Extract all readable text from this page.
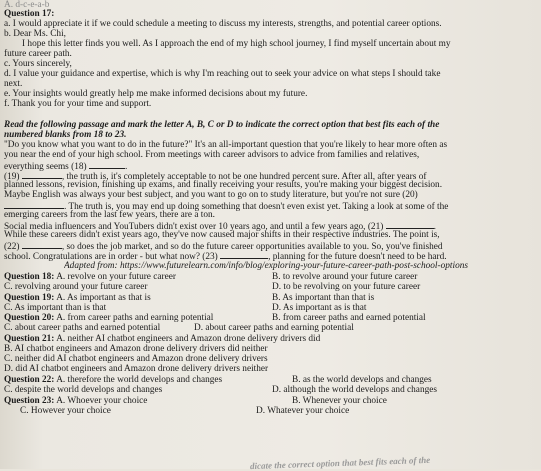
A. d-c-e-a-b
Question 17:
a. I would appreciate it if we could schedule a meeting to discuss my interests, strengths, and potential career options.
b. Dear Ms. Chi,
I hope this letter finds you well. As I approach the end of my high school journey, I find myself uncertain about my
future career path.
c. Yours sincerely,
d. I value your guidance and expertise, which is why I'm reaching out to seek your advice on what steps I should take
next.
e. Your insights would greatly help me make informed decisions about my future.
f. Thank you for your time and support.
Read the following passage and mark the letter A, B, C or D to indicate the correct option that best fits each of the
numbered blanks from 18 to 23.
"Do you know what you want to do in the future?" It's an all-important question that you're likely to hear more often as
you near the end of your high school. From meetings with career advisors to advice from families and relatives,
everything seems (18)	.
(19)	, the truth is, it's completely acceptable to not be one hundred percent sure. After all, after years of
planned lessons, revision, finishing up exams, and finally receiving your results, you're making your biggest decision.
Maybe English was always your best subject, and you want to go on to study literature, but you're not sure (20)
. The truth is, you may end up doing something that doesn't even exist yet. Taking a look at some of the
emerging careers from the last few years, there are a ton.
Social media influencers and YouTubers didn't exist over 10 years ago, and until a few years ago, (21)	.
While these careers didn't exist years ago, they've now caused major shifts in their respective industries. The point is,
(22)	, so does the job market, and so do the future career opportunities available to you. So, you've finished
school. Congratulations are in order - but what now? (23)	, planning for the future doesn't need to be hard.
Adapted from: https://www.futurelearn.com/info/blog/exploring-your-future-career-path-post-school-options
Question 18: A. revolve on your future career	B. to revolve around your future career
C. revolving around your future career	D. to be revolving on your future career
Question 19: A. As important as that is	B. As important than that is
C. As important than is that	D. As important as is that
Question 20: A. from career paths and earning potential	B. from career paths and earned potential
C. about career paths and earned potential	D. about career paths and earning potential
Question 21: A. neither AI chatbot engineers and Amazon drone delivery drivers did
B. AI chatbot engineers and Amazon drone delivery drivers did neither
C. neither did AI chatbot engineers and Amazon drone delivery drivers
D. did AI chatbot engineers and Amazon drone delivery drivers neither
Question 22: A. therefore the world develops and changes	B. as the world develops and changes
C. despite the world develops and changes	D. although the world develops and changes
Question 23: A. Whoever your choice	B. Whenever your choice
C. However your choice	D. Whatever your choice
dicate the correct option that best fits each of the
